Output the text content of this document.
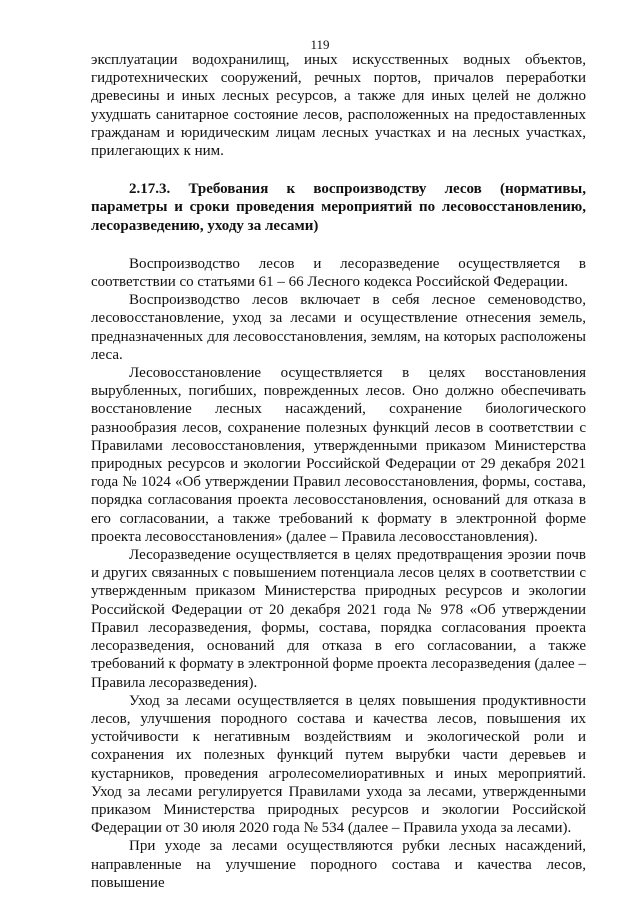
119

эксплуатации водохранилищ, иных искусственных водных объектов, гидротехнических сооружений, речных портов, причалов переработки древесины и иных лесных ресурсов, а также для иных целей не должно ухудшать санитарное состояние лесов, расположенных на предоставленных гражданам и юридическим лицам лесных участках и на лесных участках, прилегающих к ним.

2.17.3. Требования к воспроизводству лесов (нормативы, параметры и сроки проведения мероприятий по лесовосстановлению, лесоразведению, уходу за лесами)

Воспроизводство лесов и лесоразведение осуществляется в соответствии со статьями 61 – 66 Лесного кодекса Российской Федерации.

Воспроизводство лесов включает в себя лесное семеноводство, лесовосстановление, уход за лесами и осуществление отнесения земель, предназначенных для лесовосстановления, землям, на которых расположены леса.

Лесовосстановление осуществляется в целях восстановления вырубленных, погибших, поврежденных лесов. Оно должно обеспечивать восстановление лесных насаждений, сохранение биологического разнообразия лесов, сохранение полезных функций лесов в соответствии с Правилами лесовосстановления, утвержденными приказом Министерства природных ресурсов и экологии Российской Федерации от 29 декабря 2021 года № 1024 «Об утверждении Правил лесовосстановления, формы, состава, порядка согласования проекта лесовосстановления, оснований для отказа в его согласовании, а также требований к формату в электронной форме проекта лесовосстановления» (далее – Правила лесовосстановления).

Лесоразведение осуществляется в целях предотвращения эрозии почв и других связанных с повышением потенциала лесов целях в соответствии с утвержденным приказом Министерства природных ресурсов и экологии Российской Федерации от 20 декабря 2021 года № 978 «Об утверждении Правил лесоразведения, формы, состава, порядка согласования проекта лесоразведения, оснований для отказа в его согласовании, а также требований к формату в электронной форме проекта лесоразведения (далее – Правила лесоразведения).

Уход за лесами осуществляется в целях повышения продуктивности лесов, улучшения породного состава и качества лесов, повышения их устойчивости к негативным воздействиям и экологической роли и сохранения их полезных функций путем вырубки части деревьев и кустарников, проведения агролесомелиоративных и иных мероприятий. Уход за лесами регулируется Правилами ухода за лесами, утвержденными приказом Министерства природных ресурсов и экологии Российской Федерации от 30 июля 2020 года № 534 (далее – Правила ухода за лесами).

При уходе за лесами осуществляются рубки лесных насаждений, направленные на улучшение породного состава и качества лесов, повышение
